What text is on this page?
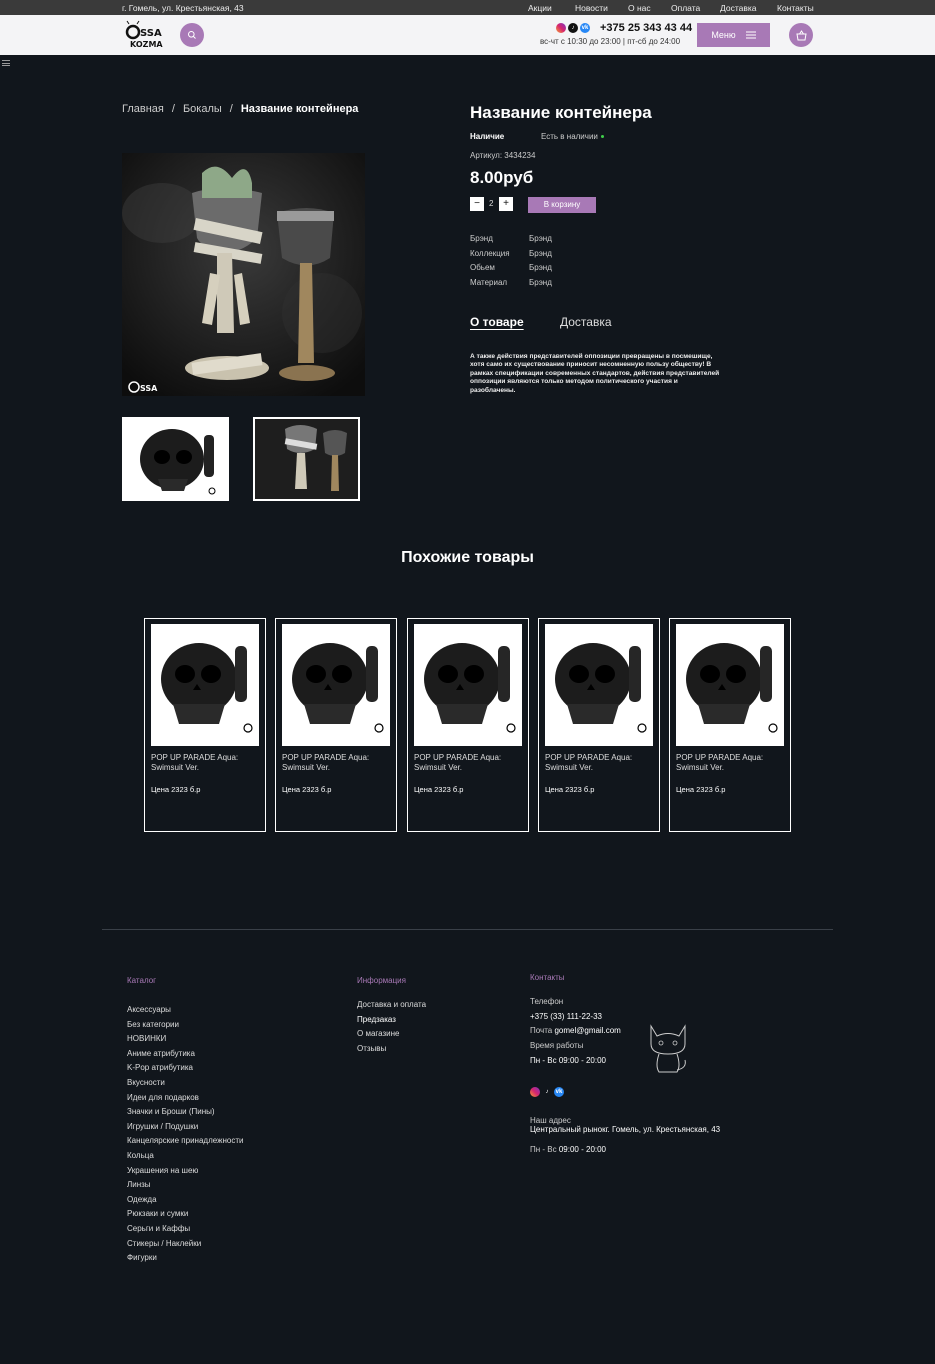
г. Гомель, ул. Крестьянская, 43	Акции	Новости О нас Оплата Доставка Контакты
SSA
KOZMA
♪	vk +375 25 343 43 44
вс-чт с 10:30 до 23:00 | пт-сб до 24:00
Меню
Главная / Бокалы / Название контейнера
SSA
Название контейнера
Наличие	Есть в наличии
Артикул: 3434234
8.00руб
−	2 +	В корзину
Брэнд	Брэнд
Коллекция	Брэнд
Обьем	Брэнд
Материал	Брэнд
О товаре	Доставка
А также действия представителей оппозиции превращены в посмешище, хотя само их существование приносит несомненную пользу обществу! В рамках спецификации современных стандартов, действия представителей оппозиции являются только методом политического участия и разоблачены.
Похожие товары
POP UP PARADE Aqua: Swimsuit Ver.
Цена 2323 б.р
POP UP PARADE Aqua: Swimsuit Ver.
Цена 2323 б.р
POP UP PARADE Aqua: Swimsuit Ver.
Цена 2323 б.р
POP UP PARADE Aqua: Swimsuit Ver.
Цена 2323 б.р
POP UP PARADE Aqua: Swimsuit Ver.
Цена 2323 б.р
Каталог
Аксессуары
Без категории
НОВИНКИ
Аниме атрибутика
K-Pop атрибутика
Вкусности
Идеи для подарков
Значки и Броши (Пины)
Игрушки / Подушки
Канцелярские принадлежности
Кольца
Украшения на шею
Линзы
Одежда
Рюкзаки и сумки
Серьги и Каффы
Стикеры / Наклейки
Фигурки
Информация
Доставка и оплата
Предзаказ
О магазине
Отзывы
Контакты
Телефон
+375 (33) 111-22-33
Почта gomel@gmail.com
Время работы
Пн - Вс 09:00 - 20:00
♪	vk
Наш адрес
Центральный рынокг. Гомель, ул. Крестьянская, 43
Пн - Вс 09:00 - 20:00
